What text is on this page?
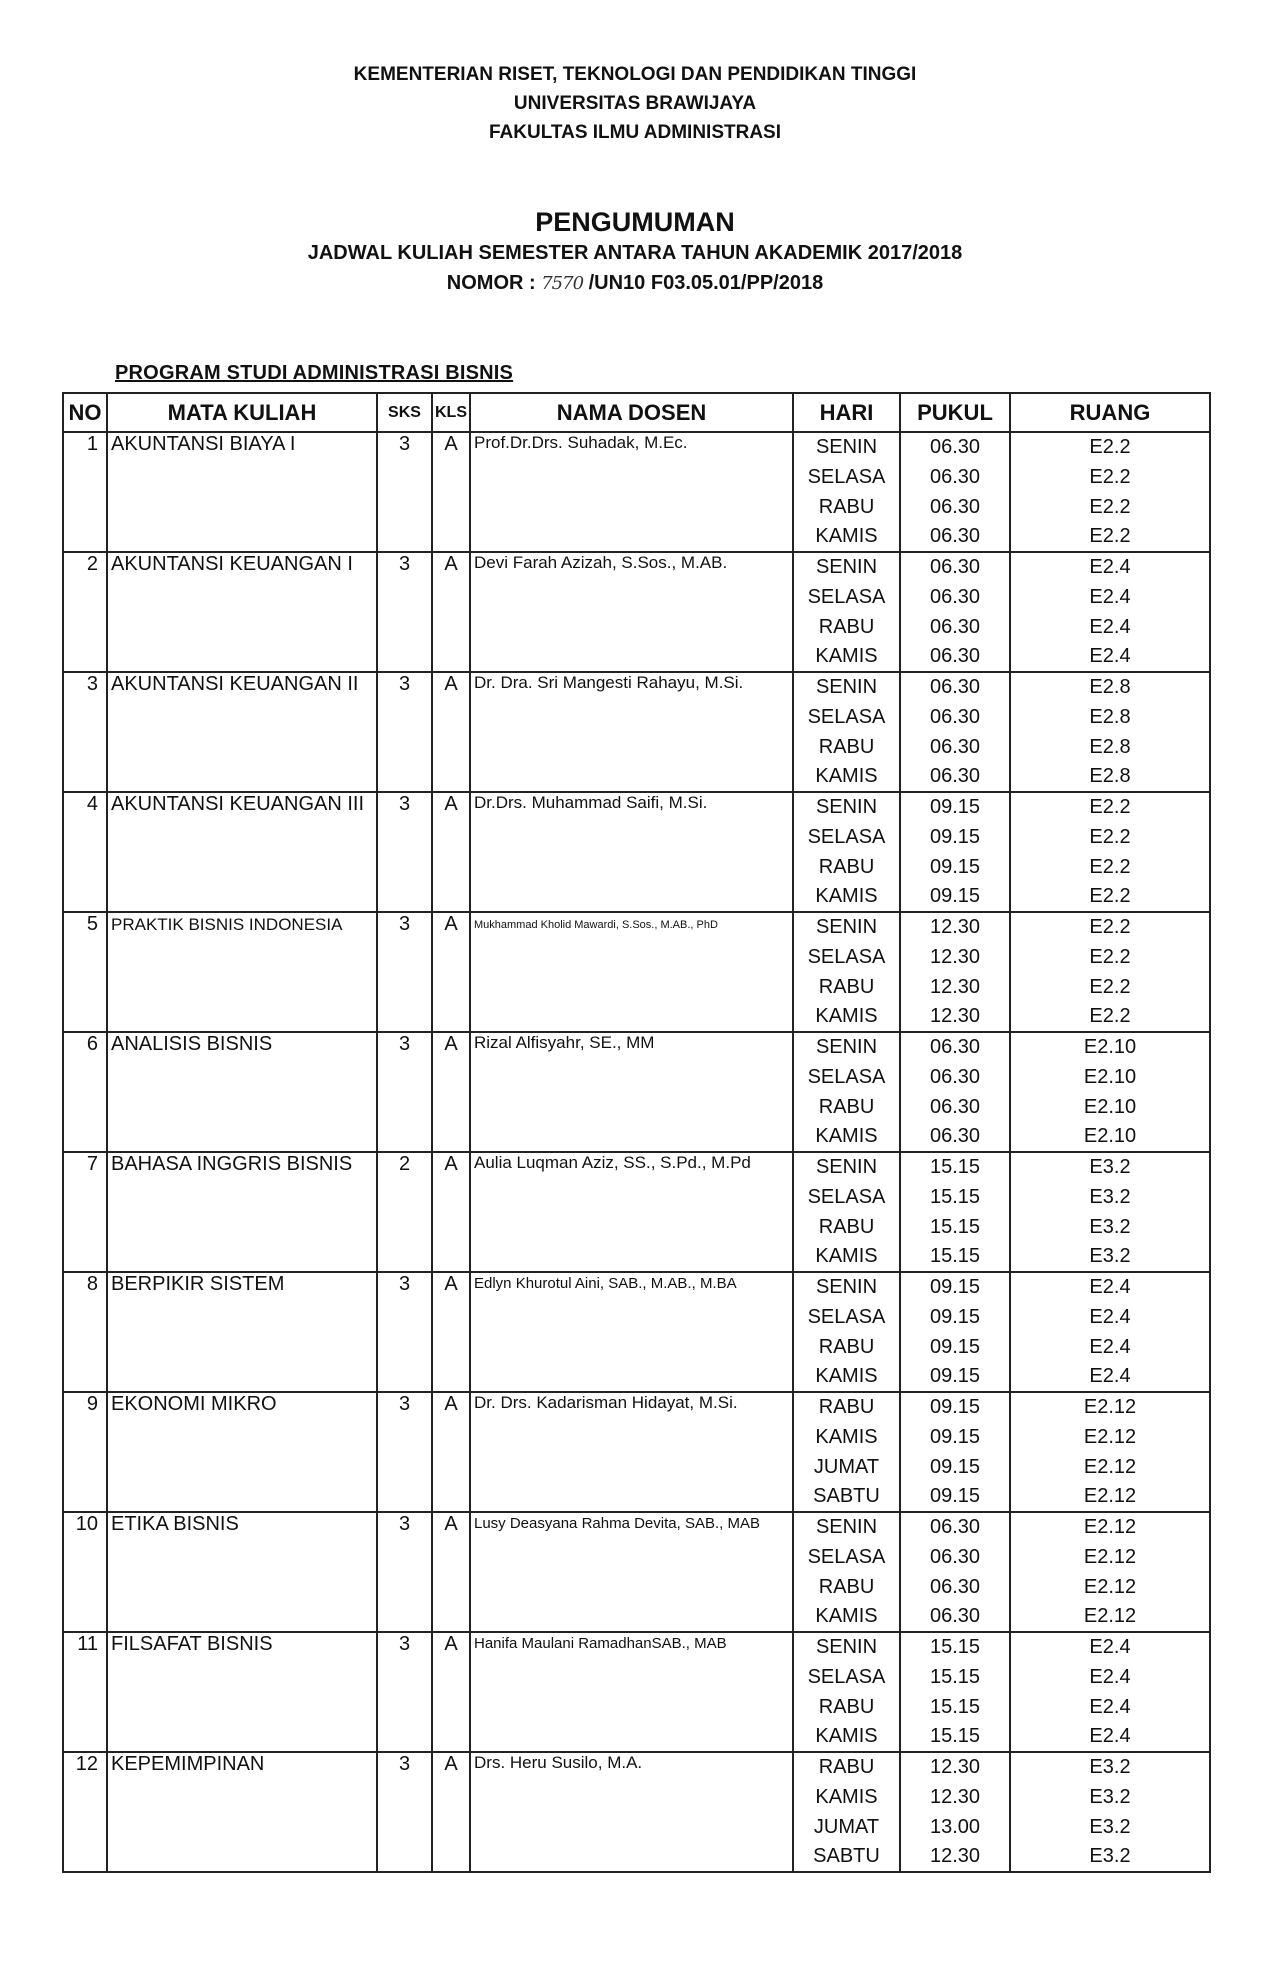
KEMENTERIAN RISET, TEKNOLOGI DAN PENDIDIKAN TINGGI
UNIVERSITAS BRAWIJAYA
FAKULTAS ILMU ADMINISTRASI
PENGUMUMAN
JADWAL KULIAH SEMESTER ANTARA TAHUN AKADEMIK 2017/2018
NOMOR : 7570 /UN10 F03.05.01/PP/2018
PROGRAM STUDI ADMINISTRASI BISNIS
NO	MATA KULIAH	SKS	KLS	NAMA DOSEN	HARI	PUKUL	RUANG
1	AKUNTANSI BIAYA I	3	A	Prof.Dr.Drs. Suhadak, M.Ec.	SENIN	06.30	E2.2
					SELASA	06.30	E2.2
					RABU	06.30	E2.2
					KAMIS	06.30	E2.2
2	AKUNTANSI KEUANGAN I	3	A	Devi Farah Azizah, S.Sos., M.AB.	SENIN	06.30	E2.4
					SELASA	06.30	E2.4
					RABU	06.30	E2.4
					KAMIS	06.30	E2.4
3	AKUNTANSI KEUANGAN II	3	A	Dr. Dra. Sri Mangesti Rahayu, M.Si.	SENIN	06.30	E2.8
					SELASA	06.30	E2.8
					RABU	06.30	E2.8
					KAMIS	06.30	E2.8
4	AKUNTANSI KEUANGAN III	3	A	Dr.Drs. Muhammad Saifi, M.Si.	SENIN	09.15	E2.2
					SELASA	09.15	E2.2
					RABU	09.15	E2.2
					KAMIS	09.15	E2.2
5	PRAKTIK BISNIS INDONESIA	3	A	Mukhammad Kholid Mawardi, S.Sos., M.AB., PhD	SENIN	12.30	E2.2
					SELASA	12.30	E2.2
					RABU	12.30	E2.2
					KAMIS	12.30	E2.2
6	ANALISIS BISNIS	3	A	Rizal Alfisyahr, SE., MM	SENIN	06.30	E2.10
					SELASA	06.30	E2.10
					RABU	06.30	E2.10
					KAMIS	06.30	E2.10
7	BAHASA INGGRIS BISNIS	2	A	Aulia Luqman Aziz, SS., S.Pd., M.Pd	SENIN	15.15	E3.2
					SELASA	15.15	E3.2
					RABU	15.15	E3.2
					KAMIS	15.15	E3.2
8	BERPIKIR SISTEM	3	A	Edlyn Khurotul Aini, SAB., M.AB., M.BA	SENIN	09.15	E2.4
					SELASA	09.15	E2.4
					RABU	09.15	E2.4
					KAMIS	09.15	E2.4
9	EKONOMI MIKRO	3	A	Dr. Drs. Kadarisman Hidayat, M.Si.	RABU	09.15	E2.12
					KAMIS	09.15	E2.12
					JUMAT	09.15	E2.12
					SABTU	09.15	E2.12
10	ETIKA BISNIS	3	A	Lusy Deasyana Rahma Devita, SAB., MAB	SENIN	06.30	E2.12
					SELASA	06.30	E2.12
					RABU	06.30	E2.12
					KAMIS	06.30	E2.12
11	FILSAFAT BISNIS	3	A	Hanifa Maulani RamadhanSAB., MAB	SENIN	15.15	E2.4
					SELASA	15.15	E2.4
					RABU	15.15	E2.4
					KAMIS	15.15	E2.4
12	KEPEMIMPINAN	3	A	Drs. Heru Susilo, M.A.	RABU	12.30	E3.2
					KAMIS	12.30	E3.2
					JUMAT	13.00	E3.2
					SABTU	12.30	E3.2
